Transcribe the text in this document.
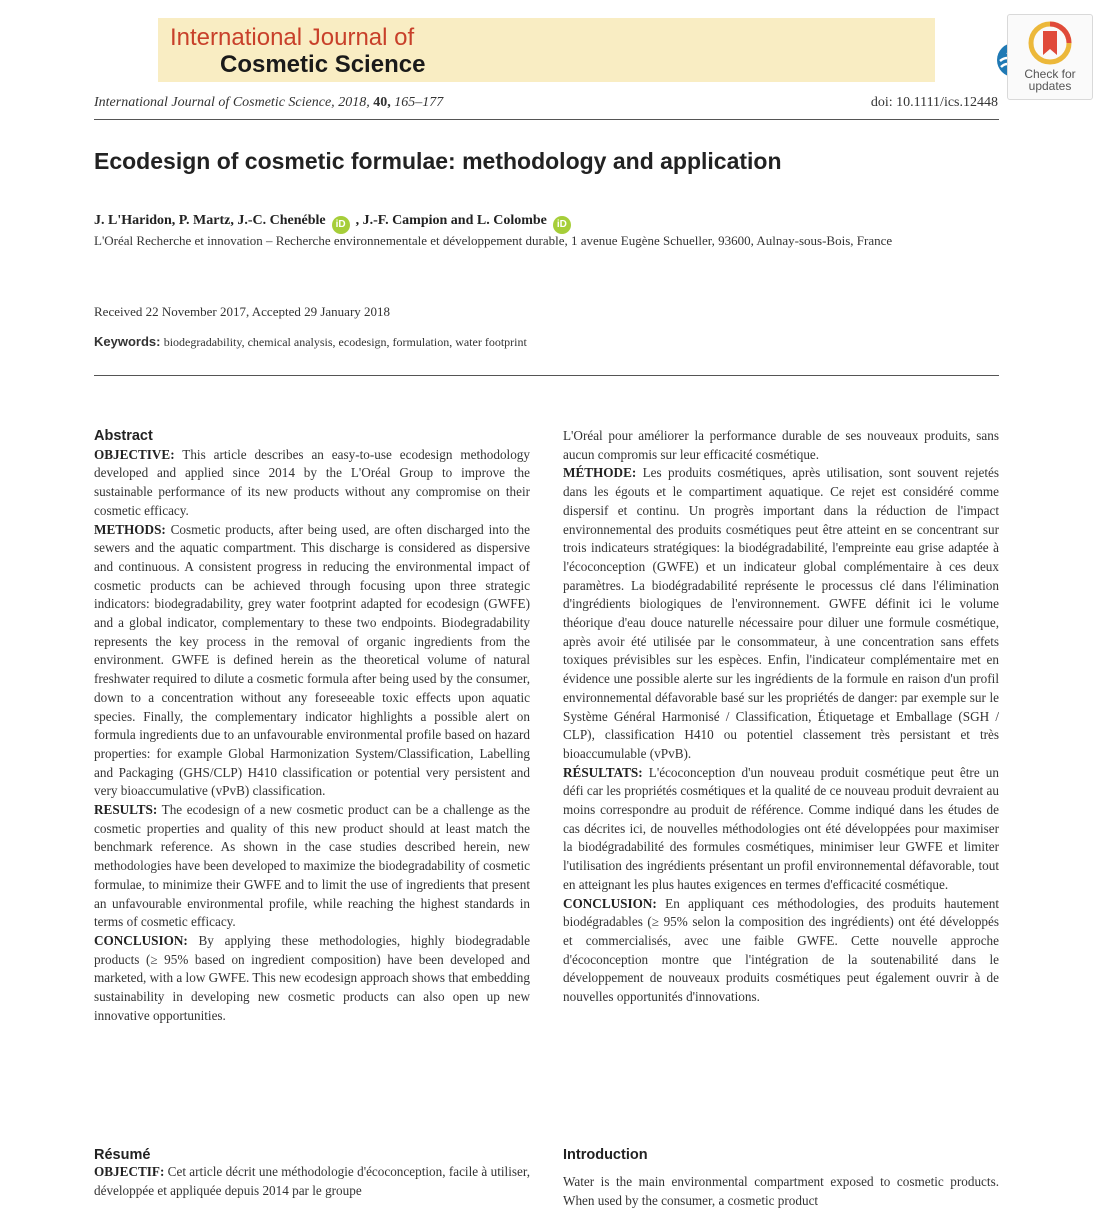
International Journal of
Cosmetic Science	Check for
updates
International Journal of Cosmetic Science, 2018, 40, 165–177	doi: 10.1111/ics.12448
Ecodesign of cosmetic formulae: methodology and application
J. L'Haridon, P. Martz, J.-C. Chenéble iD , J.-F. Campion and L. Colombe iD
L'Oréal Recherche et innovation – Recherche environnementale et développement durable, 1 avenue Eugène Schueller, 93600, Aulnay-sous-Bois, France
Received 22 November 2017, Accepted 29 January 2018
Keywords: biodegradability, chemical analysis, ecodesign, formulation, water footprint
Abstract

OBJECTIVE: This article describes an easy-to-use ecodesign methodology developed and applied since 2014 by the L'Oréal Group to improve the sustainable performance of its new products without any compromise on their cosmetic efficacy.

METHODS: Cosmetic products, after being used, are often discharged into the sewers and the aquatic compartment. This discharge is considered as dispersive and continuous. A consistent progress in reducing the environmental impact of cosmetic products can be achieved through focusing upon three strategic indicators: biodegradability, grey water footprint adapted for ecodesign (GWFE) and a global indicator, complementary to these two endpoints. Biodegradability represents the key process in the removal of organic ingredients from the environment. GWFE is defined herein as the theoretical volume of natural freshwater required to dilute a cosmetic formula after being used by the consumer, down to a concentration without any foreseeable toxic effects upon aquatic species. Finally, the complementary indicator highlights a possible alert on formula ingredients due to an unfavourable environmental profile based on hazard properties: for example Global Harmonization System/Classification, Labelling and Packaging (GHS/CLP) H410 classification or potential very persistent and very bioaccumulative (vPvB) classification.

RESULTS: The ecodesign of a new cosmetic product can be a challenge as the cosmetic properties and quality of this new product should at least match the benchmark reference. As shown in the case studies described herein, new methodologies have been developed to maximize the biodegradability of cosmetic formulae, to minimize their GWFE and to limit the use of ingredients that present an unfavourable environmental profile, while reaching the highest standards in terms of cosmetic efficacy.

CONCLUSION: By applying these methodologies, highly biodegradable products (≥ 95% based on ingredient composition) have been developed and marketed, with a low GWFE. This new ecodesign approach shows that embedding sustainability in developing new cosmetic products can also open up new innovative opportunities.

L'Oréal pour améliorer la performance durable de ses nouveaux produits, sans aucun compromis sur leur efficacité cosmétique.

MÉTHODE: Les produits cosmétiques, après utilisation, sont souvent rejetés dans les égouts et le compartiment aquatique. Ce rejet est considéré comme dispersif et continu. Un progrès important dans la réduction de l'impact environnemental des produits cosmétiques peut être atteint en se concentrant sur trois indicateurs stratégiques: la biodégradabilité, l'empreinte eau grise adaptée à l'écoconception (GWFE) et un indicateur global complémentaire à ces deux paramètres. La biodégradabilité représente le processus clé dans l'élimination d'ingrédients biologiques de l'environnement. GWFE définit ici le volume théorique d'eau douce naturelle nécessaire pour diluer une formule cosmétique, après avoir été utilisée par le consommateur, à une concentration sans effets toxiques prévisibles sur les espèces. Enfin, l'indicateur complémentaire met en évidence une possible alerte sur les ingrédients de la formule en raison d'un profil environnemental défavorable basé sur les propriétés de danger: par exemple sur le Système Général Harmonisé / Classification, Étiquetage et Emballage (SGH / CLP), classification H410 ou potentiel classement très persistant et très bioaccumulable (vPvB).

RÉSULTATS: L'écoconception d'un nouveau produit cosmétique peut être un défi car les propriétés cosmétiques et la qualité de ce nouveau produit devraient au moins correspondre au produit de référence. Comme indiqué dans les études de cas décrites ici, de nouvelles méthodologies ont été développées pour maximiser la biodégradabilité des formules cosmétiques, minimiser leur GWFE et limiter l'utilisation des ingrédients présentant un profil environnemental défavorable, tout en atteignant les plus hautes exigences en termes d'efficacité cosmétique.

CONCLUSION: En appliquant ces méthodologies, des produits hautement biodégradables (≥ 95% selon la composition des ingrédients) ont été développés et commercialisés, avec une faible GWFE. Cette nouvelle approche d'écoconception montre que l'intégration de la soutenabilité dans le développement de nouveaux produits cosmétiques peut également ouvrir à de nouvelles opportunités d'innovations.

Résumé
OBJECTIF: Cet article décrit une méthodologie d'écoconception, facile à utiliser, développée et appliquée depuis 2014 par le groupe
Introduction
Water is the main environmental compartment exposed to cosmetic products. When used by the consumer, a cosmetic product
